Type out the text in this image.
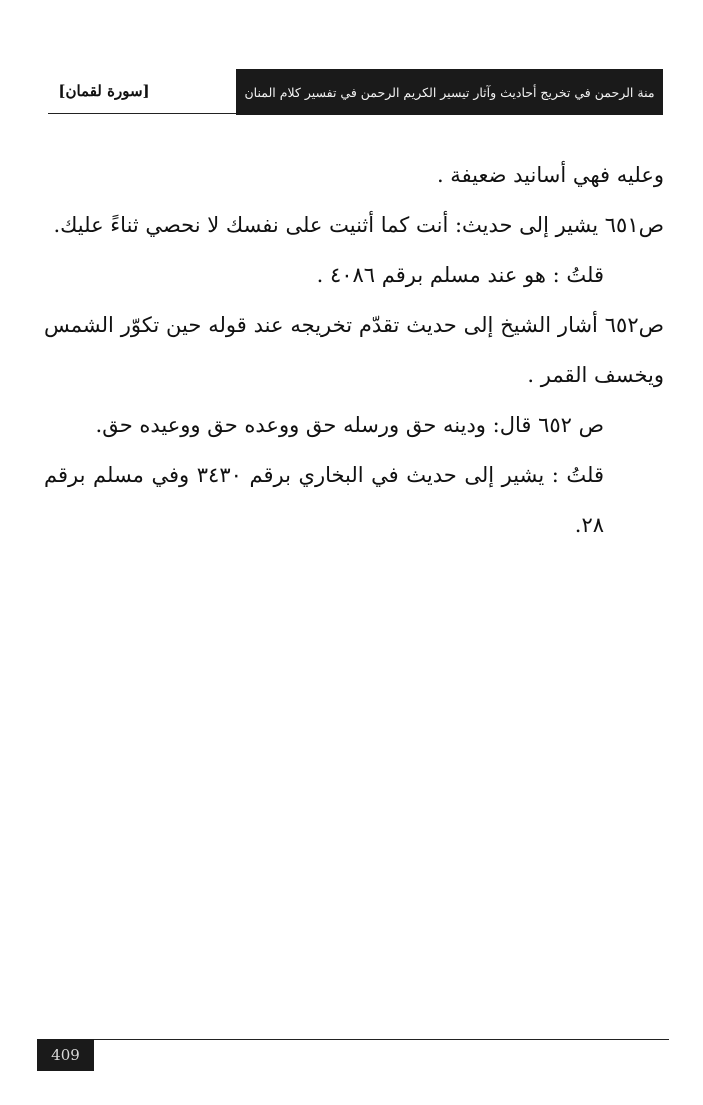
منة الرحمن في تخريج أحاديث وآثار تيسير الكريم الرحمن في تفسير كلام المنان
[سورة لقمان]

وعليه فهي أسانيد ضعيفة .

ص٦٥١ يشير إلى حديث: أنت كما أثنيت على نفسك لا نحصي ثناءً عليك.

قلتُ : هو عند مسلم برقم ٤٠٨٦ .

ص٦٥٢ أشار الشيخ إلى حديث تقدّم تخريجه عند قوله حين تكوّر الشمس ويخسف القمر .

ص ٦٥٢ قال: ودينه حق ورسله حق ووعده حق ووعيده حق.

قلتُ : يشير إلى حديث في البخاري برقم ٣٤٣٠ وفي مسلم برقم ٢٨.

409
